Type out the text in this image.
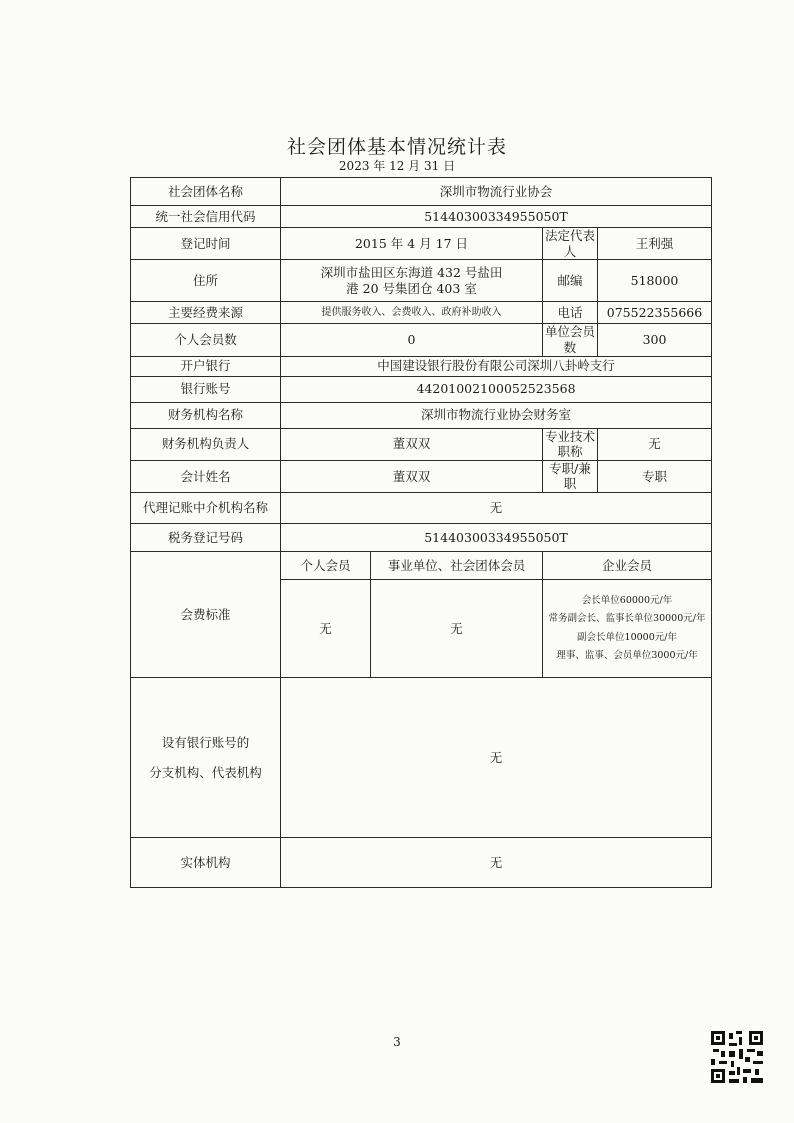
社会团体基本情况统计表
2023 年 12 月 31 日
社会团体名称	深圳市物流行业协会			
统一社会信用代码	51440300334955050T			
登记时间	2015 年 4 月 17 日		法定代表人	王利强
住所	深圳市盐田区东海道 432 号盐田
港 20 号集团仓 403 室		邮编	518000
主要经费来源	提供服务收入、会费收入、政府补助收入		电话	075522355666
个人会员数	0		单位会员数	300
开户银行	中国建设银行股份有限公司深圳八卦岭支行			
银行账号	44201002100052523568			
财务机构名称	深圳市物流行业协会财务室			
财务机构负责人	董双双		专业技术职称	无
会计姓名	董双双		专职/兼职	专职
代理记账中介机构名称	无			
税务登记号码	51440300334955050T			
会费标准	个人会员	事业单位、社会团体会员	企业会员	
	无	无	会长单位60000元/年
常务副会长、监事长单位30000元/年
副会长单位10000元/年
理事、监事、会员单位3000元/年	

设有银行账号的
分支机构、代表机构	无			
实体机构	无			
3
